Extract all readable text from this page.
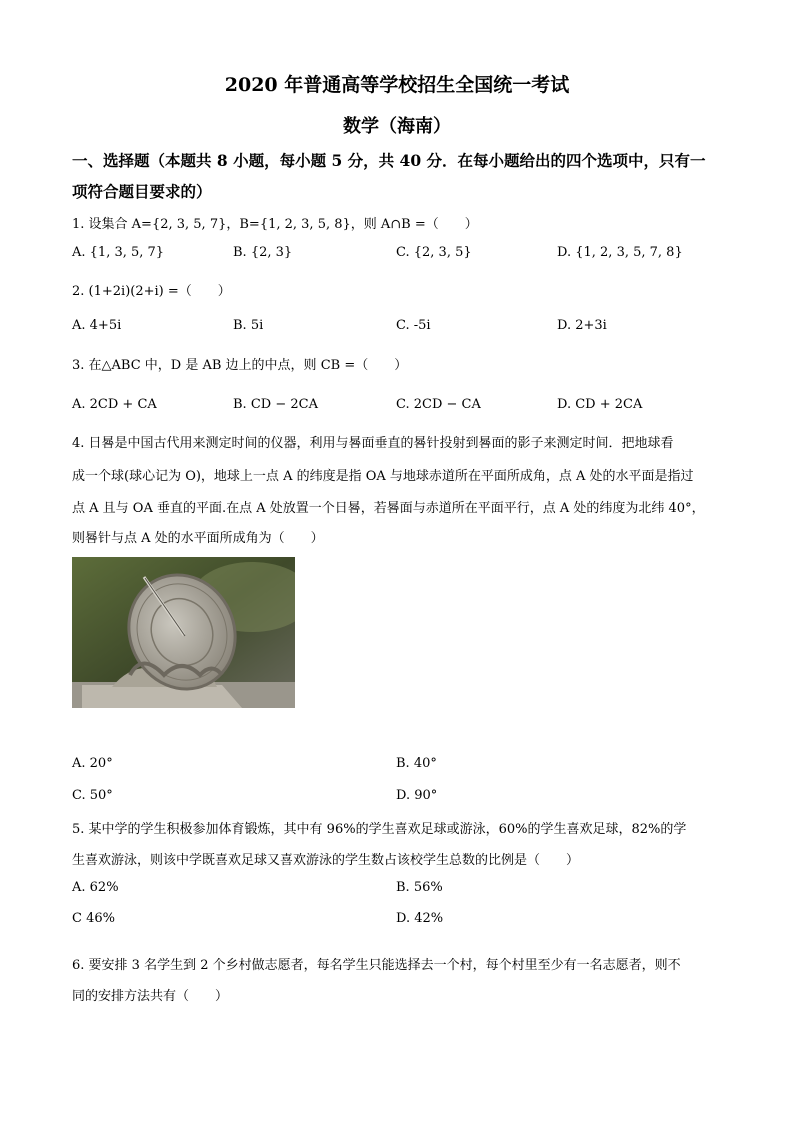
2020 年普通高等学校招生全国统一考试
数学（海南）
一、选择题（本题共 8 小题，每小题 5 分，共 40 分．在每小题给出的四个选项中，只有一
项符合题目要求的）
1. 设集合 A={2, 3, 5, 7}，B={1, 2, 3, 5, 8}，则 A∩B =（　　）
A. {1, 3, 5, 7}	B. {2, 3}	C. {2, 3, 5}	D. {1, 2, 3, 5, 7, 8}
2. (1+2i)(2+i) =（　　）
A. 4+5i	B. 5i	C. -5i	D. 2+3i
3. 在△ABC 中，D 是 AB 边上的中点，则 CB =（　　）
A. 2CD + CA	B. CD − 2CA	C. 2CD − CA	D. CD + 2CA
4. 日晷是中国古代用来测定时间的仪器，利用与晷面垂直的晷针投射到晷面的影子来测定时间．把地球看
成一个球(球心记为 O)，地球上一点 A 的纬度是指 OA 与地球赤道所在平面所成角，点 A 处的水平面是指过
点 A 且与 OA 垂直的平面.在点 A 处放置一个日晷，若晷面与赤道所在平面平行，点 A 处的纬度为北纬 40°，
则晷针与点 A 处的水平面所成角为（　　）
A. 20°	B. 40°
C. 50°	D. 90°
5. 某中学的学生积极参加体育锻炼，其中有 96%的学生喜欢足球或游泳，60%的学生喜欢足球，82%的学
生喜欢游泳，则该中学既喜欢足球又喜欢游泳的学生数占该校学生总数的比例是（　　）
A. 62%	B. 56%
C 46%	D. 42%
6. 要安排 3 名学生到 2 个乡村做志愿者，每名学生只能选择去一个村，每个村里至少有一名志愿者，则不
同的安排方法共有（　　）
